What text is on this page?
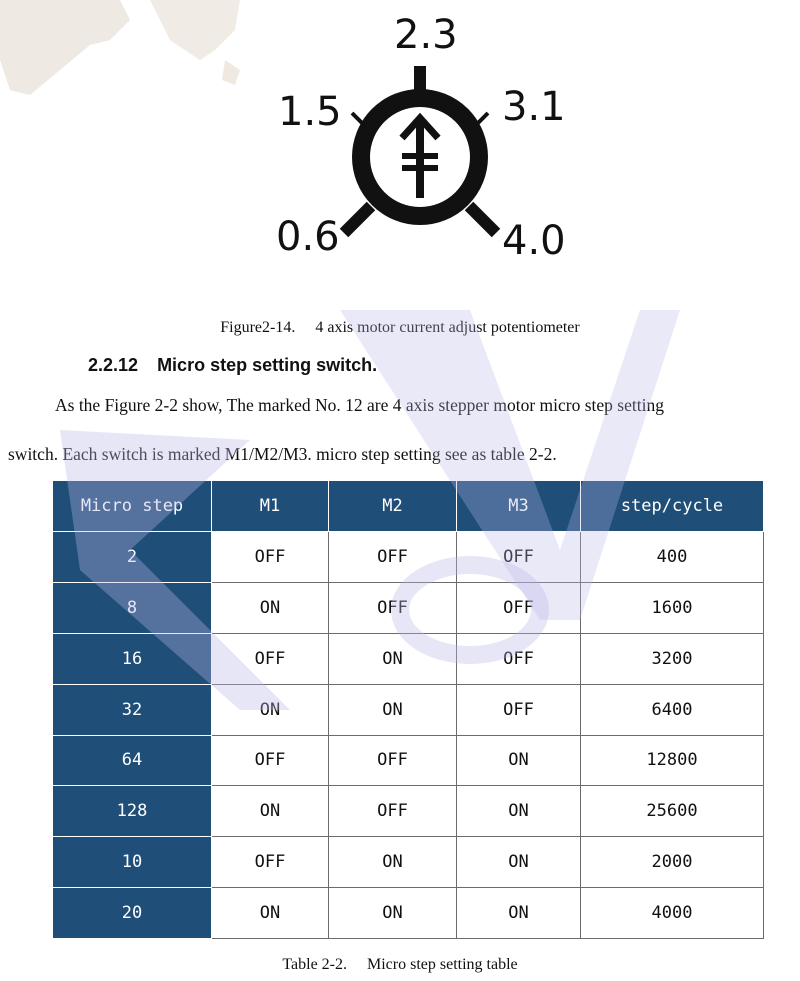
2.3
1.5	3.1
0.6	4.0
Figure2-14. 4 axis motor current adjust potentiometer
2.2.12 Micro step setting switch.
As the Figure 2-2 show, The marked No. 12 are 4 axis stepper motor micro step setting
switch. Each switch is marked M1/M2/M3. micro step setting see as table 2-2.
Micro step	M1	M2	M3	step/cycle
2	OFF	OFF	OFF	400
8	ON	OFF	OFF	1600
16	OFF	ON	OFF	3200
32	ON	ON	OFF	6400
64	OFF	OFF	ON	12800
128	ON	OFF	ON	25600
10	OFF	ON	ON	2000
20	ON	ON	ON	4000
Table 2-2. Micro step setting table
